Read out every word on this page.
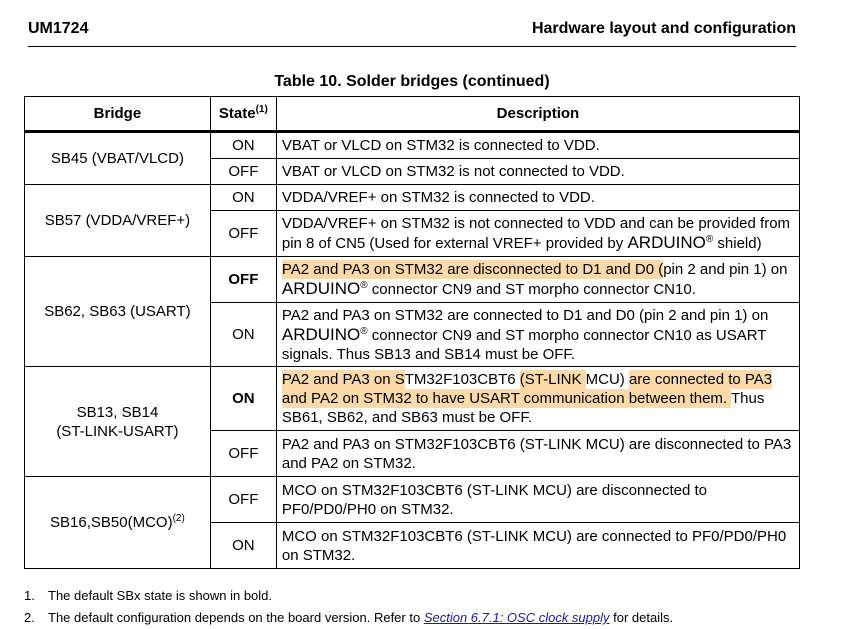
UM1724	Hardware layout and configuration
Table 10. Solder bridges (continued)
Bridge	State$^{(1)}$	Description
SB45 (VBAT/VLCD)	ON	VBAT or VLCD on STM32 is connected to VDD.
	OFF	VBAT or VLCD on STM32 is not connected to VDD.
SB57 (VDDA/VREF+)	ON	VDDA/VREF+ on STM32 is connected to VDD.
	OFF	VDDA/VREF+ on STM32 is not connected to VDD and can be provided from pin 8 of CN5 (Used for external VREF+ provided by ARDUINO® shield)
SB62, SB63 (USART)	OFF	PA2 and PA3 on STM32 are disconnected to D1 and D0 (pin 2 and pin 1) on ARDUINO® connector CN9 and ST morpho connector CN10.
	ON	PA2 and PA3 on STM32 are connected to D1 and D0 (pin 2 and pin 1) on ARDUINO® connector CN9 and ST morpho connector CN10 as USART signals. Thus SB13 and SB14 must be OFF.
SB13, SB14
(ST-LINK-USART)	ON	PA2 and PA3 on STM32F103CBT6 (ST-LINK MCU) are connected to PA3 and PA2 on STM32 to have USART communication between them. Thus SB61, SB62, and SB63 must be OFF.
	OFF	PA2 and PA3 on STM32F103CBT6 (ST-LINK MCU) are disconnected to PA3 and PA2 on STM32.
SB16,SB50(MCO)$^{(2)}$	OFF	MCO on STM32F103CBT6 (ST-LINK MCU) are disconnected to PF0/PD0/PH0 on STM32.
	ON	MCO on STM32F103CBT6 (ST-LINK MCU) are connected to PF0/PD0/PH0 on STM32.
1. The default SBx state is shown in bold.
2. The default configuration depends on the board version. Refer to Section 6.7.1: OSC clock supply for details.
